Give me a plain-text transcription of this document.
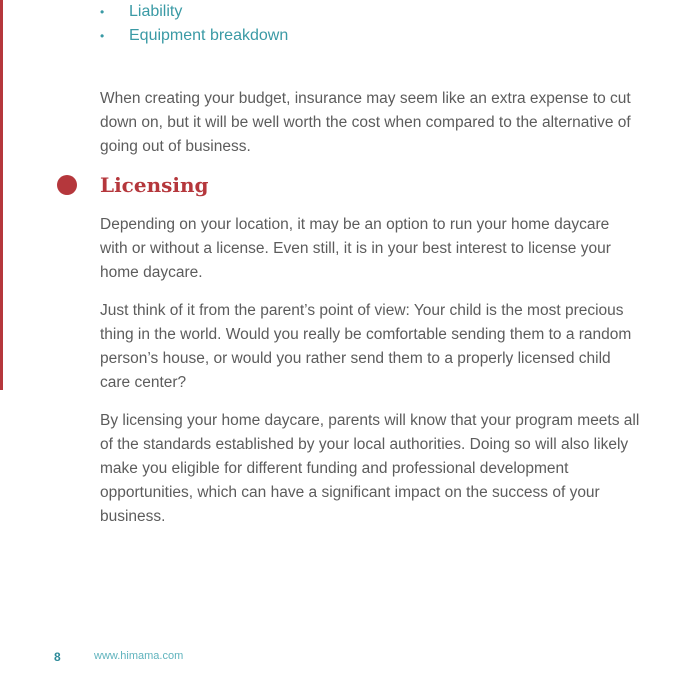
• Liability
• Equipment breakdown

When creating your budget, insurance may seem like an extra expense to cut down on, but it will be well worth the cost when compared to the alternative of going out of business.

Licensing

Depending on your location, it may be an option to run your home daycare with or without a license. Even still, it is in your best interest to license your home daycare.

Just think of it from the parent’s point of view: Your child is the most precious thing in the world. Would you really be comfortable sending them to a random person’s house, or would you rather send them to a properly licensed child care center?

By licensing your home daycare, parents will know that your program meets all of the standards established by your local authorities. Doing so will also likely make you eligible for different funding and professional development opportunities, which can have a significant impact on the success of your business.

8	www.himama.com
